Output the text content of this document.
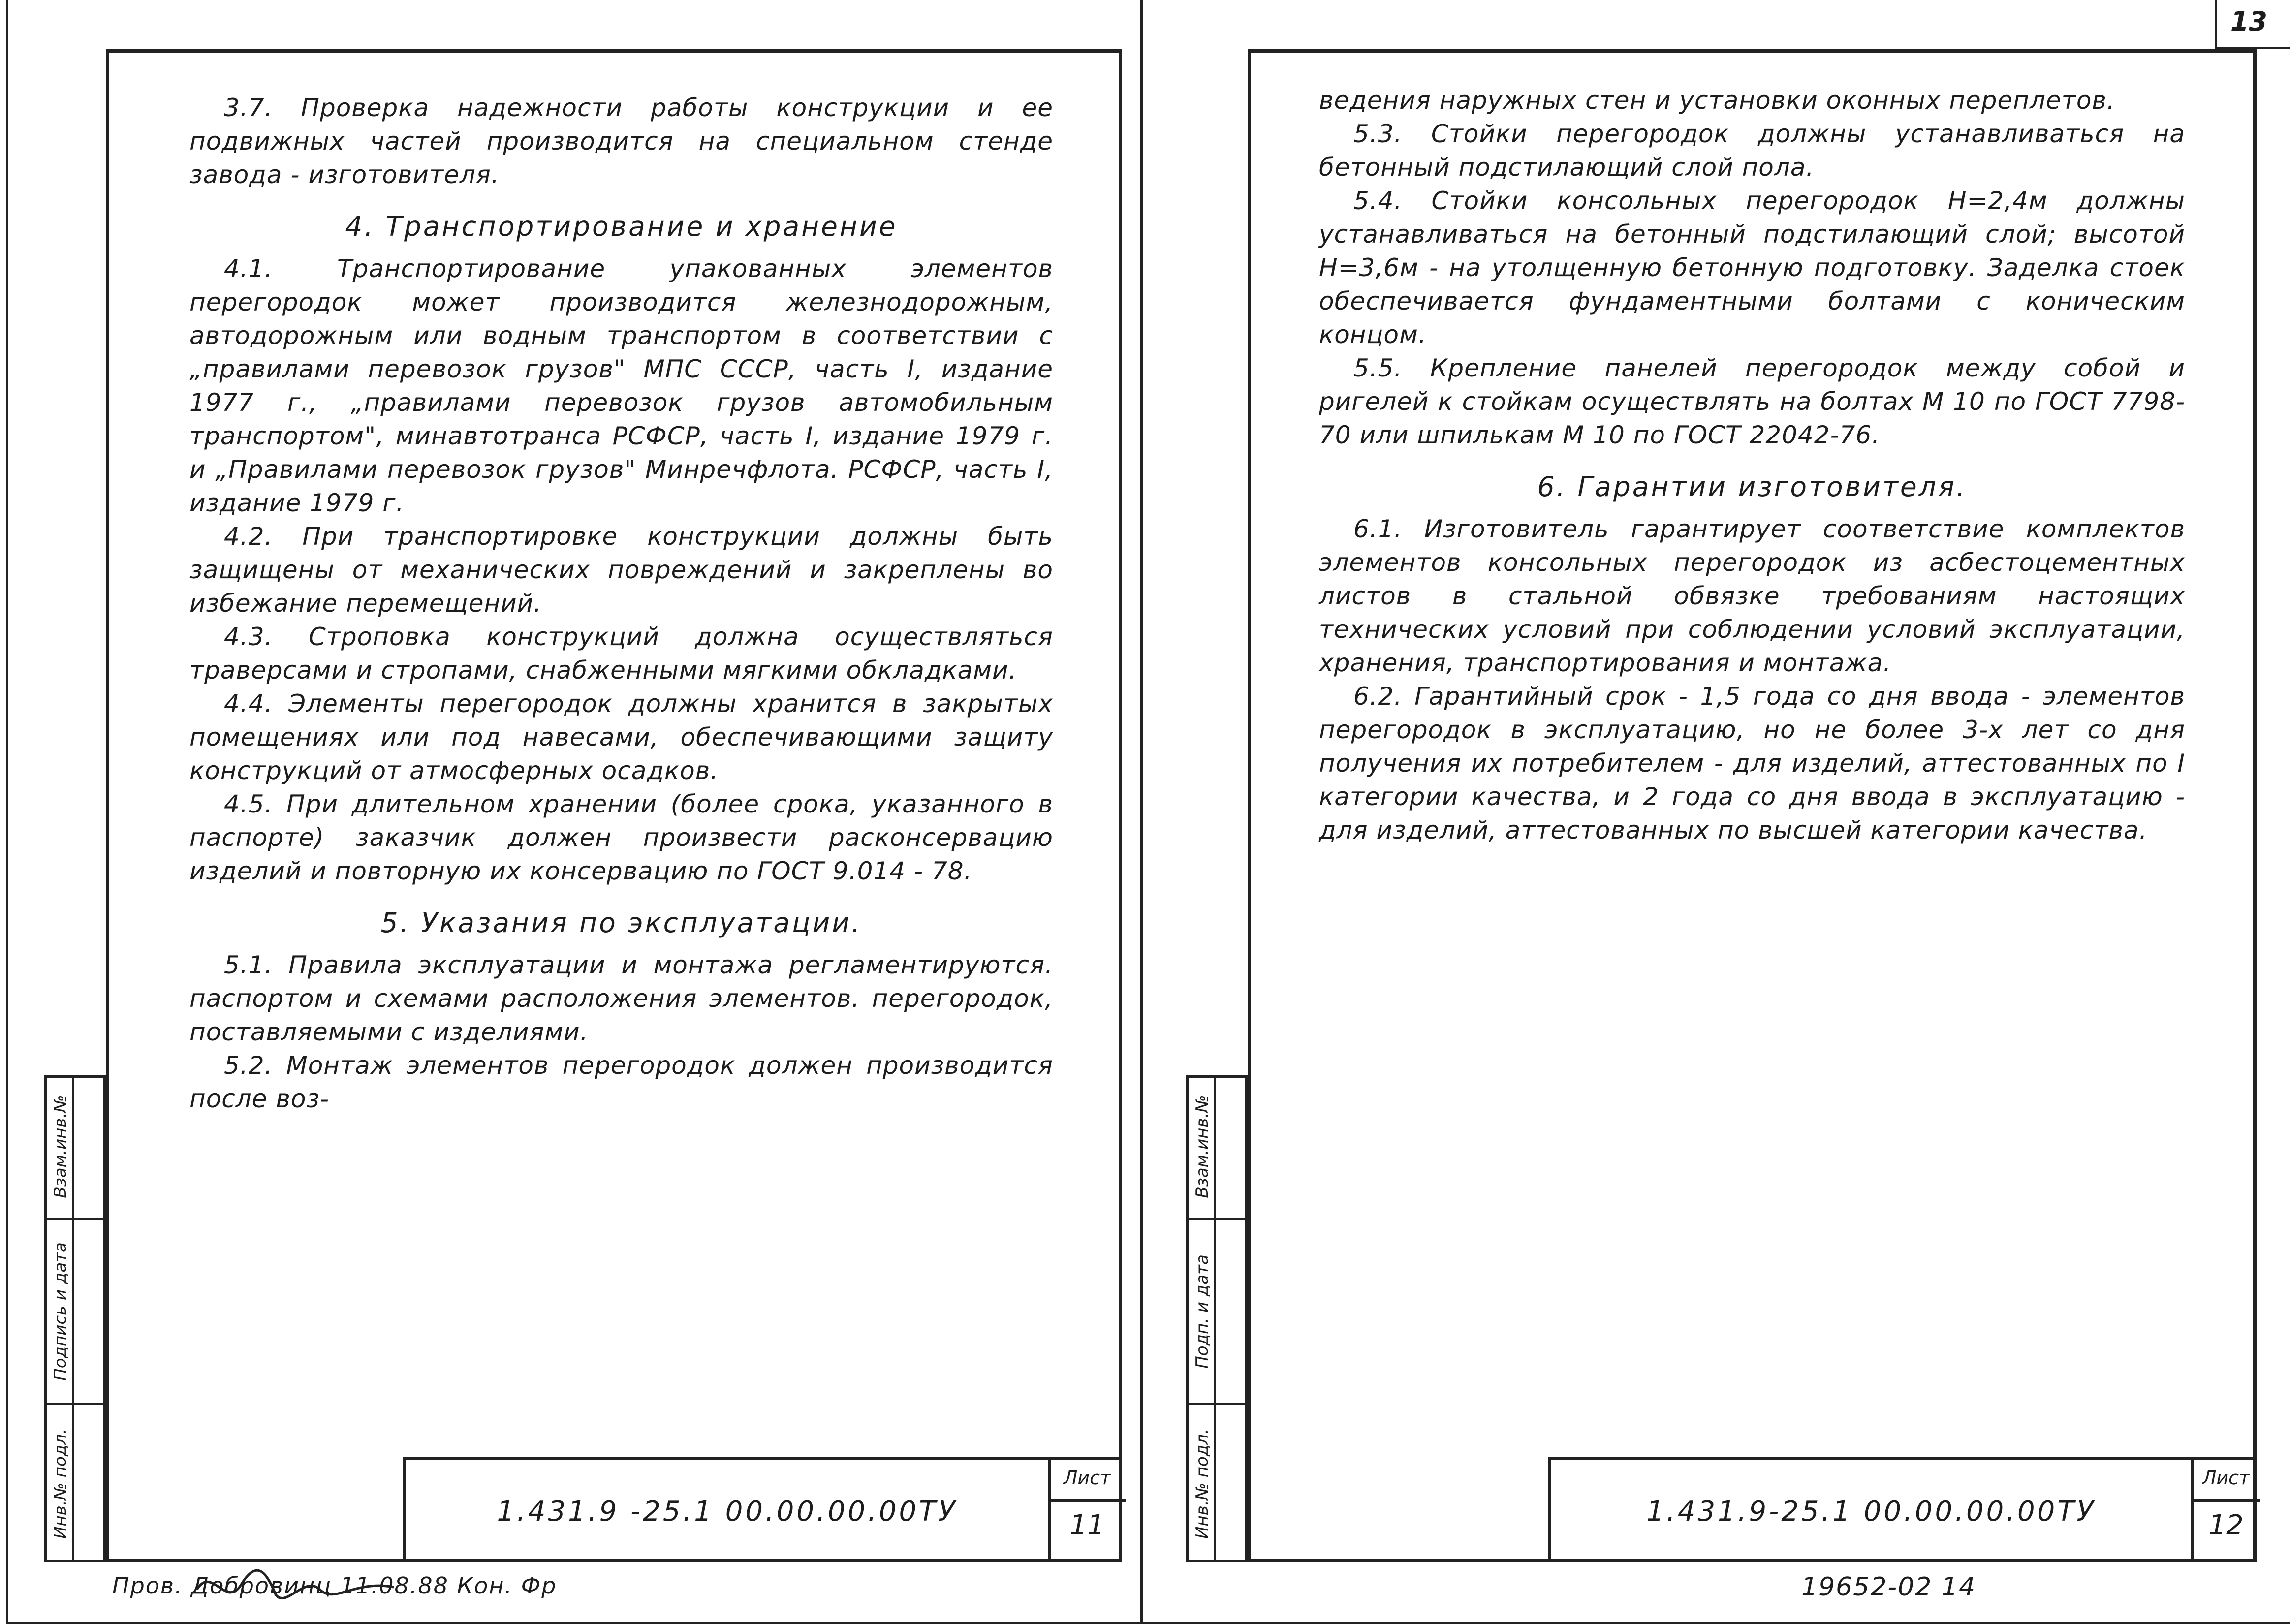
13

3.7. Проверка надежности работы конструкции и ее подвижных частей производится на специальном стенде завода - изготовителя.

4. Транспортирование и хранение

4.1. Транспортирование упакованных элементов перегородок может производится железнодорожным, автодорожным или водным транспортом в соответствии с „правилами перевозок грузов" МПС СССР, часть I, издание 1977 г., „правилами перевозок грузов автомобильным транспортом", минавтотранса РСФСР, часть I, издание 1979 г. и „Правилами перевозок грузов" Минречфлота. РСФСР, часть I, издание 1979 г.

4.2. При транспортировке конструкции должны быть защищены от механических повреждений и закреплены во избежание перемещений.

4.3. Строповка конструкций должна осуществляться траверсами и стропами, снабженными мягкими обкладками.

4.4. Элементы перегородок должны хранится в закрытых помещениях или под навесами, обеспечивающими защиту конструкций от атмосферных осадков.

4.5. При длительном хранении (более срока, указанного в паспорте) заказчик должен произвести расконсервацию изделий и повторную их консервацию по ГОСТ 9.014 - 78.

5. Указания по эксплуатации.

5.1. Правила эксплуатации и монтажа регламентируются. паспортом и схемами расположения элементов. перегородок, поставляемыми с изделиями.

5.2. Монтаж элементов перегородок должен производится после воз-

1.431.9 -25.1 00.00.00.00ТУ
Лист
11
Взам.инв.№
Подпись и дата
Инв.№ подл.
Пров. Добровинц 11.08.88 Кон. Фр

ведения наружных стен и установки оконных переплетов.

5.3. Стойки перегородок должны устанавливаться на бетонный подстилающий слой пола.

5.4. Стойки консольных перегородок Н=2,4м должны устанавливаться на бетонный подстилающий слой; высотой Н=3,6м - на утолщенную бетонную подготовку. Заделка стоек обеспечивается фундаментными болтами с коническим концом.

5.5. Крепление панелей перегородок между собой и ригелей к стойкам осуществлять на болтах М 10 по ГОСТ 7798-70 или шпилькам М 10 по ГОСТ 22042-76.

6. Гарантии изготовителя.

6.1. Изготовитель гарантирует соответствие комплектов элементов консольных перегородок из асбестоцементных листов в стальной обвязке требованиям настоящих технических условий при соблюдении условий эксплуатации, хранения, транспортирования и монтажа.

6.2. Гарантийный срок - 1,5 года со дня ввода - элементов перегородок в эксплуатацию, но не более 3-х лет со дня получения их потребителем - для изделий, аттестованных по I категории качества, и 2 года со дня ввода в эксплуатацию - для изделий, аттестованных по высшей категории качества.

1.431.9-25.1 00.00.00.00ТУ
Лист
12
Взам.инв.№
Подп. и дата
Инв.№ подл.
19652-02 14
